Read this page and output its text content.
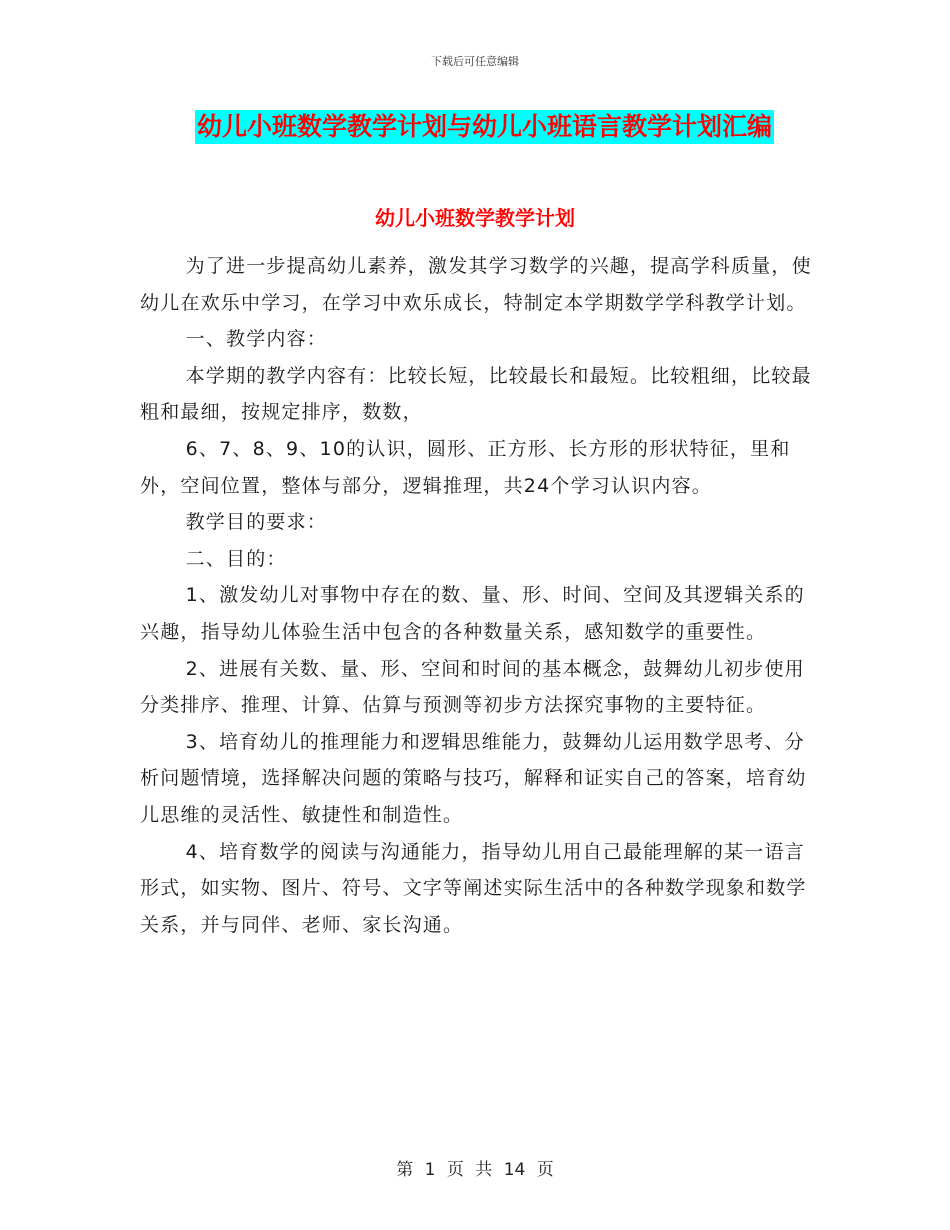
下载后可任意编辑
幼儿小班数学教学计划与幼儿小班语言教学计划汇编
幼儿小班数学教学计划

为了进一步提高幼儿素养，激发其学习数学的兴趣，提高学科质量，使幼儿在欢乐中学习，在学习中欢乐成长，特制定本学期数学学科教学计划。

一、教学内容：

本学期的教学内容有：比较长短，比较最长和最短。比较粗细，比较最粗和最细，按规定排序，数数，

6、7、8、9、10的认识，圆形、正方形、长方形的形状特征，里和外，空间位置，整体与部分，逻辑推理，共24个学习认识内容。

教学目的要求：

二、目的：

1、激发幼儿对事物中存在的数、量、形、时间、空间及其逻辑关系的兴趣，指导幼儿体验生活中包含的各种数量关系，感知数学的重要性。

2、进展有关数、量、形、空间和时间的基本概念，鼓舞幼儿初步使用分类排序、推理、计算、估算与预测等初步方法探究事物的主要特征。

3、培育幼儿的推理能力和逻辑思维能力，鼓舞幼儿运用数学思考、分析问题情境，选择解决问题的策略与技巧，解释和证实自己的答案，培育幼儿思维的灵活性、敏捷性和制造性。

4、培育数学的阅读与沟通能力，指导幼儿用自己最能理解的某一语言形式，如实物、图片、符号、文字等阐述实际生活中的各种数学现象和数学关系，并与同伴、老师、家长沟通。

第 1 页 共 14 页
